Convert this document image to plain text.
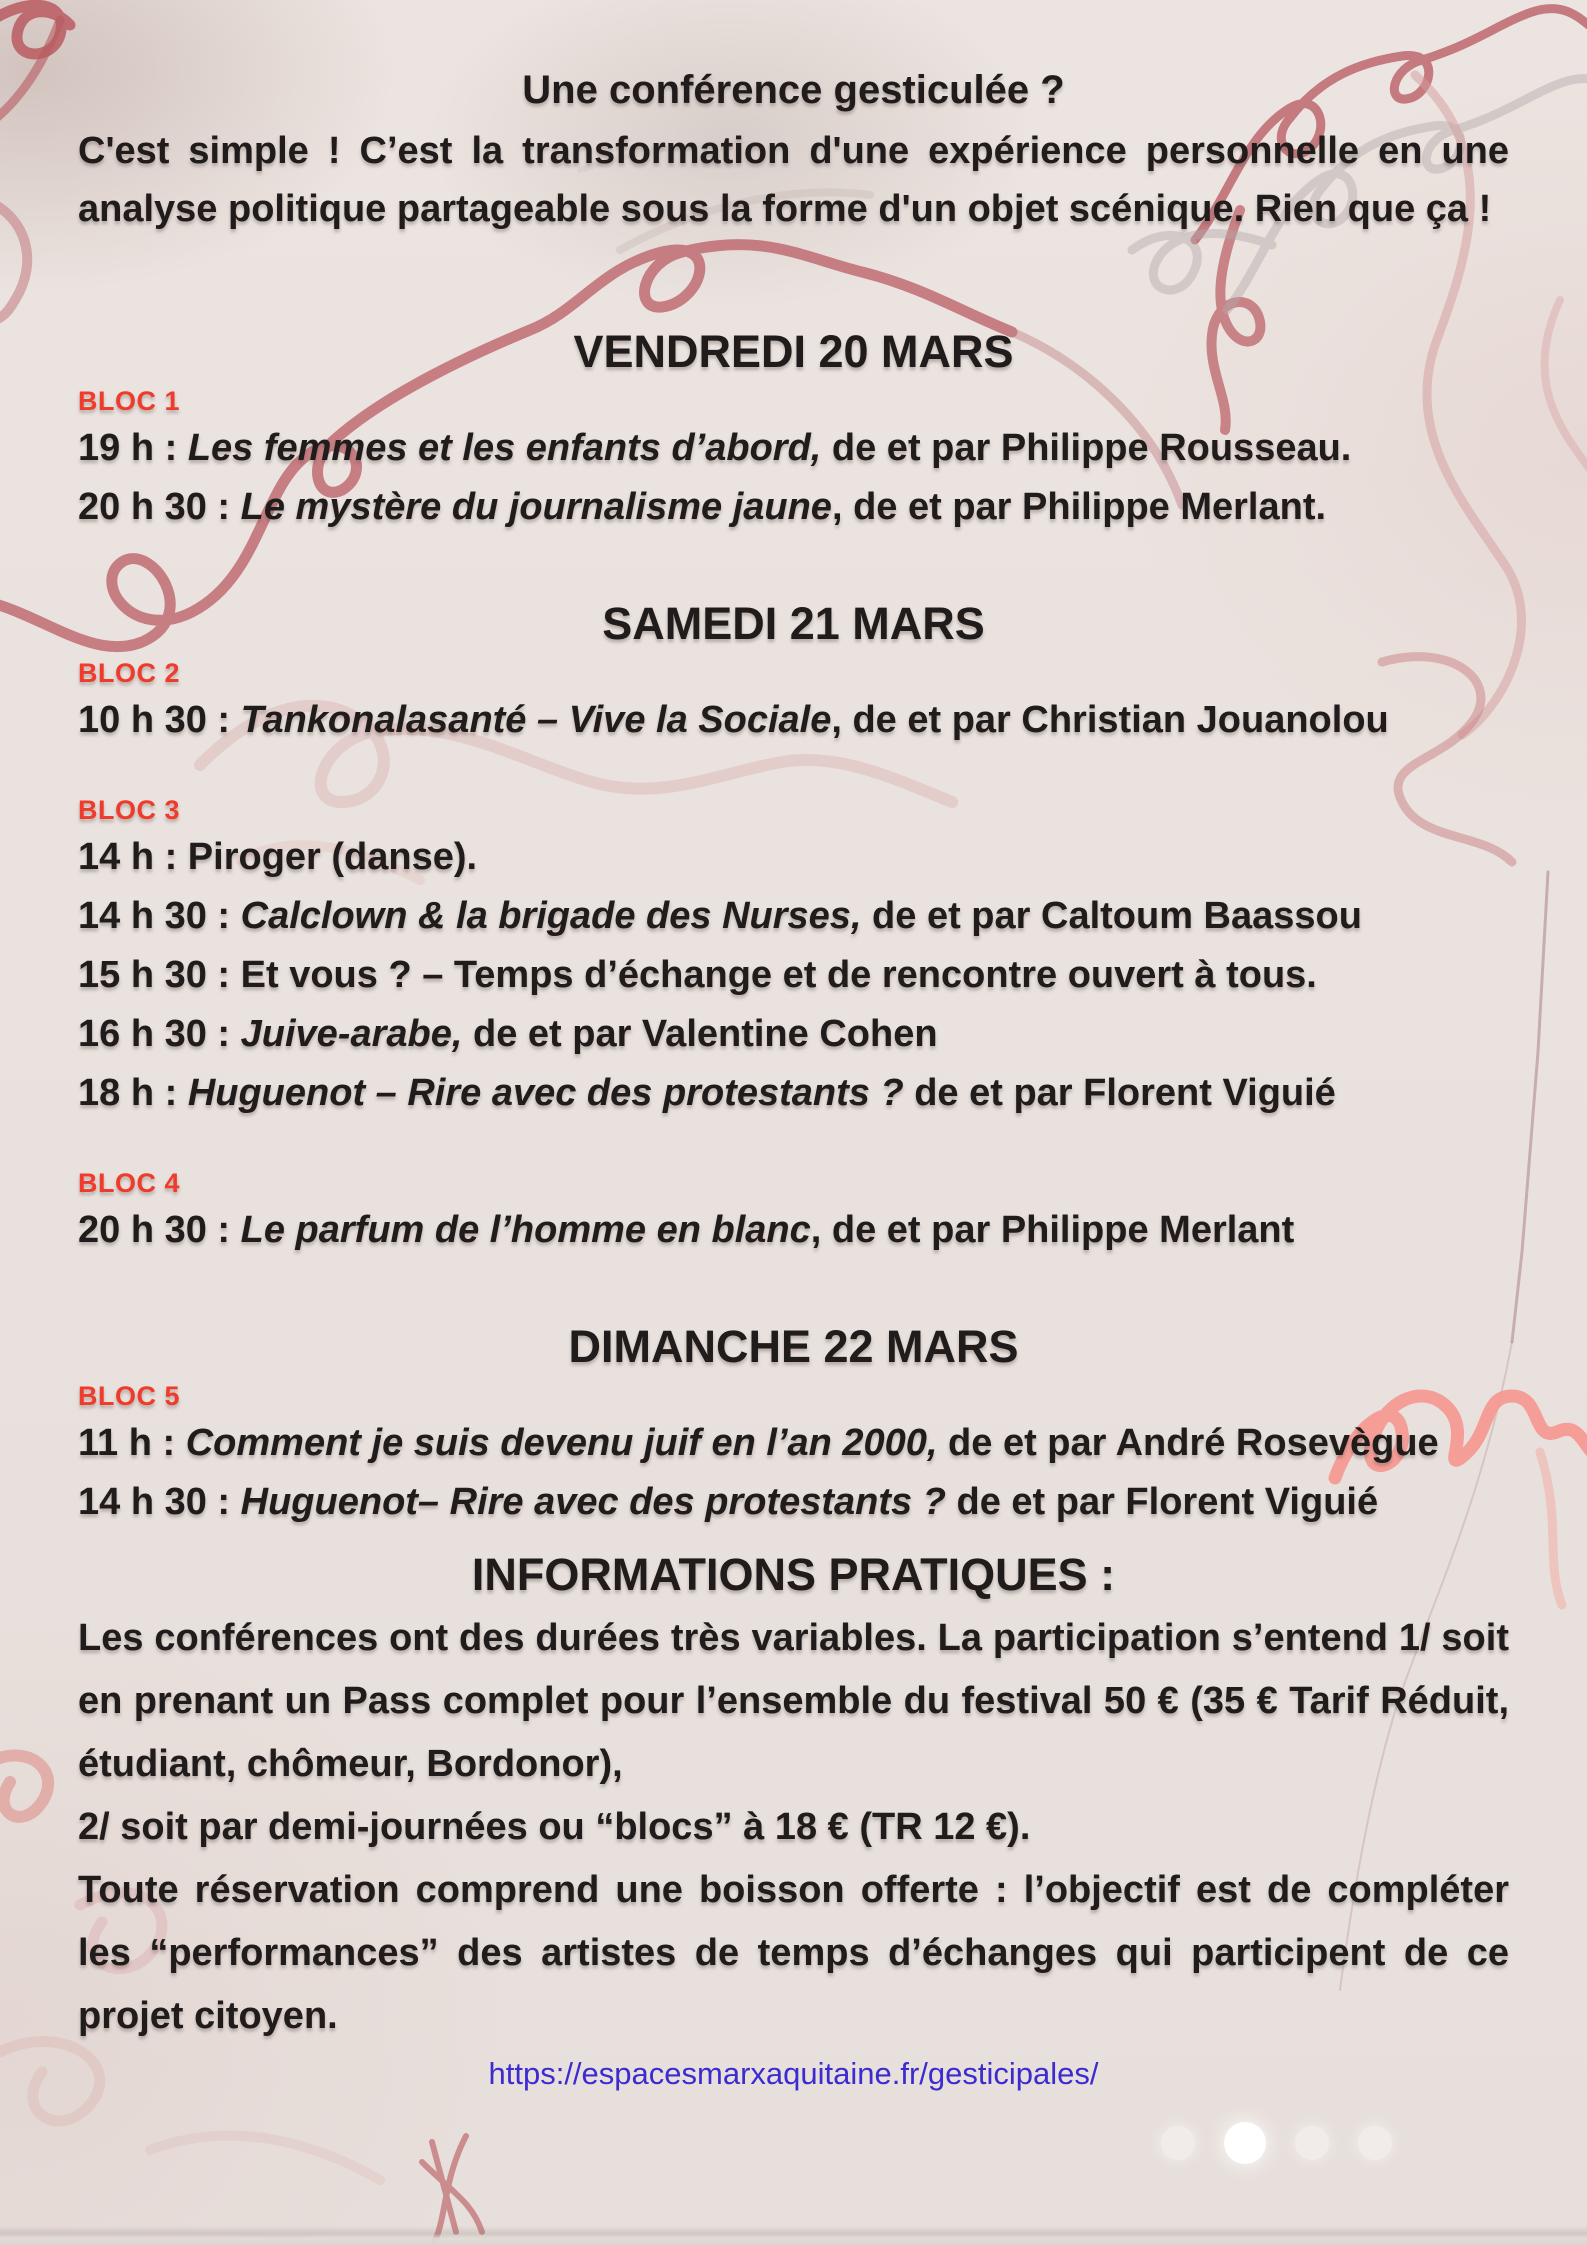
Une conférence gesticulée ?

C'est simple ! C’est la transformation d'une expérience personnelle en une analyse politique partageable sous la forme d'un objet scénique. Rien que ça !

VENDREDI 20 MARS
BLOC 1

19 h : Les femmes et les enfants d’abord, de et par Philippe Rousseau.

20 h 30 : Le mystère du journalisme jaune, de et par Philippe Merlant.

SAMEDI 21 MARS
BLOC 2

10 h 30 : Tankonalasanté – Vive la Sociale, de et par Christian Jouanolou

BLOC 3

14 h : Piroger (danse).

14 h 30 : Calclown & la brigade des Nurses, de et par Caltoum Baassou

15 h 30 : Et vous ? – Temps d’échange et de rencontre ouvert à tous.

16 h 30 : Juive-arabe, de et par Valentine Cohen

18 h : Huguenot – Rire avec des protestants ? de et par Florent Viguié

BLOC 4

20 h 30 : Le parfum de l’homme en blanc, de et par Philippe Merlant

DIMANCHE 22 MARS
BLOC 5

11 h : Comment je suis devenu juif en l’an 2000, de et par André Rosevègue

14 h 30 : Huguenot– Rire avec des protestants ? de et par Florent Viguié

INFORMATIONS PRATIQUES :

Les conférences ont des durées très variables. La participation s’entend 1/ soit en prenant un Pass complet pour l’ensemble du festival 50 € (35 € Tarif Réduit, étudiant, chômeur, Bordonor),

2/ soit par demi-journées ou “blocs” à 18 € (TR 12 €).

Toute réservation comprend une boisson offerte : l’objectif est de compléter les “performances” des artistes de temps d’échanges qui participent de ce projet citoyen.

https://espacesmarxaquitaine.fr/gesticipales/
